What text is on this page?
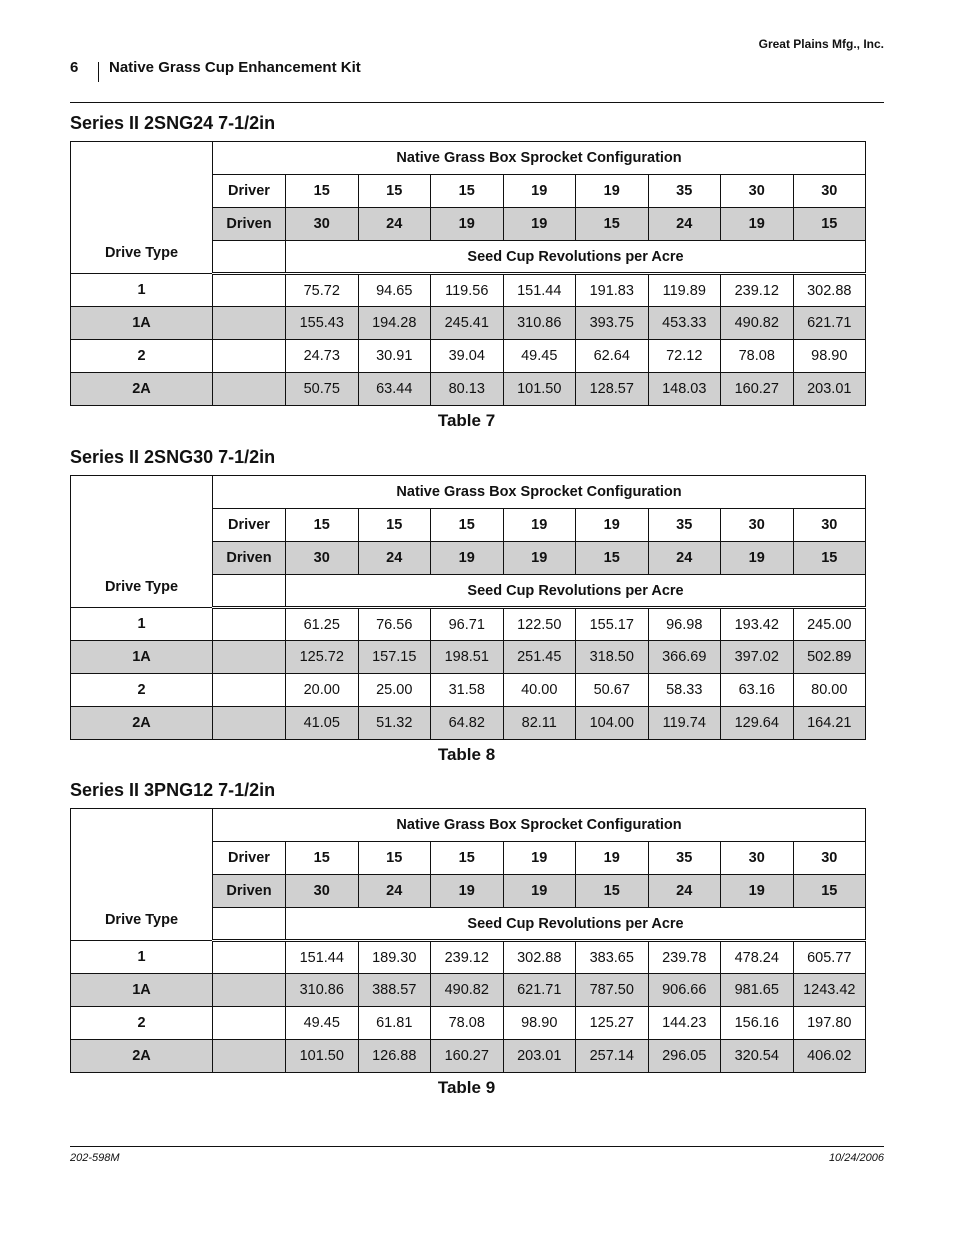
Great Plains Mfg., Inc.
6 Native Grass Cup Enhancement Kit
Series II 2SNG24 7-1/2in
Drive Type	Native Grass Box Sprocket Configuration								
	Driver	15	15	15	19	19	35	30	30
	Driven	30	24	19	19	15	24	19	15
		Seed Cup Revolutions per Acre							
1		75.72	94.65	119.56	151.44	191.83	119.89	239.12	302.88
1A		155.43	194.28	245.41	310.86	393.75	453.33	490.82	621.71
2		24.73	30.91	39.04	49.45	62.64	72.12	78.08	98.90
2A		50.75	63.44	80.13	101.50	128.57	148.03	160.27	203.01
Table 7
Series II 2SNG30 7-1/2in
Drive Type	Native Grass Box Sprocket Configuration								
	Driver	15	15	15	19	19	35	30	30
	Driven	30	24	19	19	15	24	19	15
		Seed Cup Revolutions per Acre							
1		61.25	76.56	96.71	122.50	155.17	96.98	193.42	245.00
1A		125.72	157.15	198.51	251.45	318.50	366.69	397.02	502.89
2		20.00	25.00	31.58	40.00	50.67	58.33	63.16	80.00
2A		41.05	51.32	64.82	82.11	104.00	119.74	129.64	164.21
Table 8
Series II 3PNG12 7-1/2in
Drive Type	Native Grass Box Sprocket Configuration								
	Driver	15	15	15	19	19	35	30	30
	Driven	30	24	19	19	15	24	19	15
		Seed Cup Revolutions per Acre							
1		151.44	189.30	239.12	302.88	383.65	239.78	478.24	605.77
1A		310.86	388.57	490.82	621.71	787.50	906.66	981.65	1243.42
2		49.45	61.81	78.08	98.90	125.27	144.23	156.16	197.80
2A		101.50	126.88	160.27	203.01	257.14	296.05	320.54	406.02
Table 9
202-598M	10/24/2006
